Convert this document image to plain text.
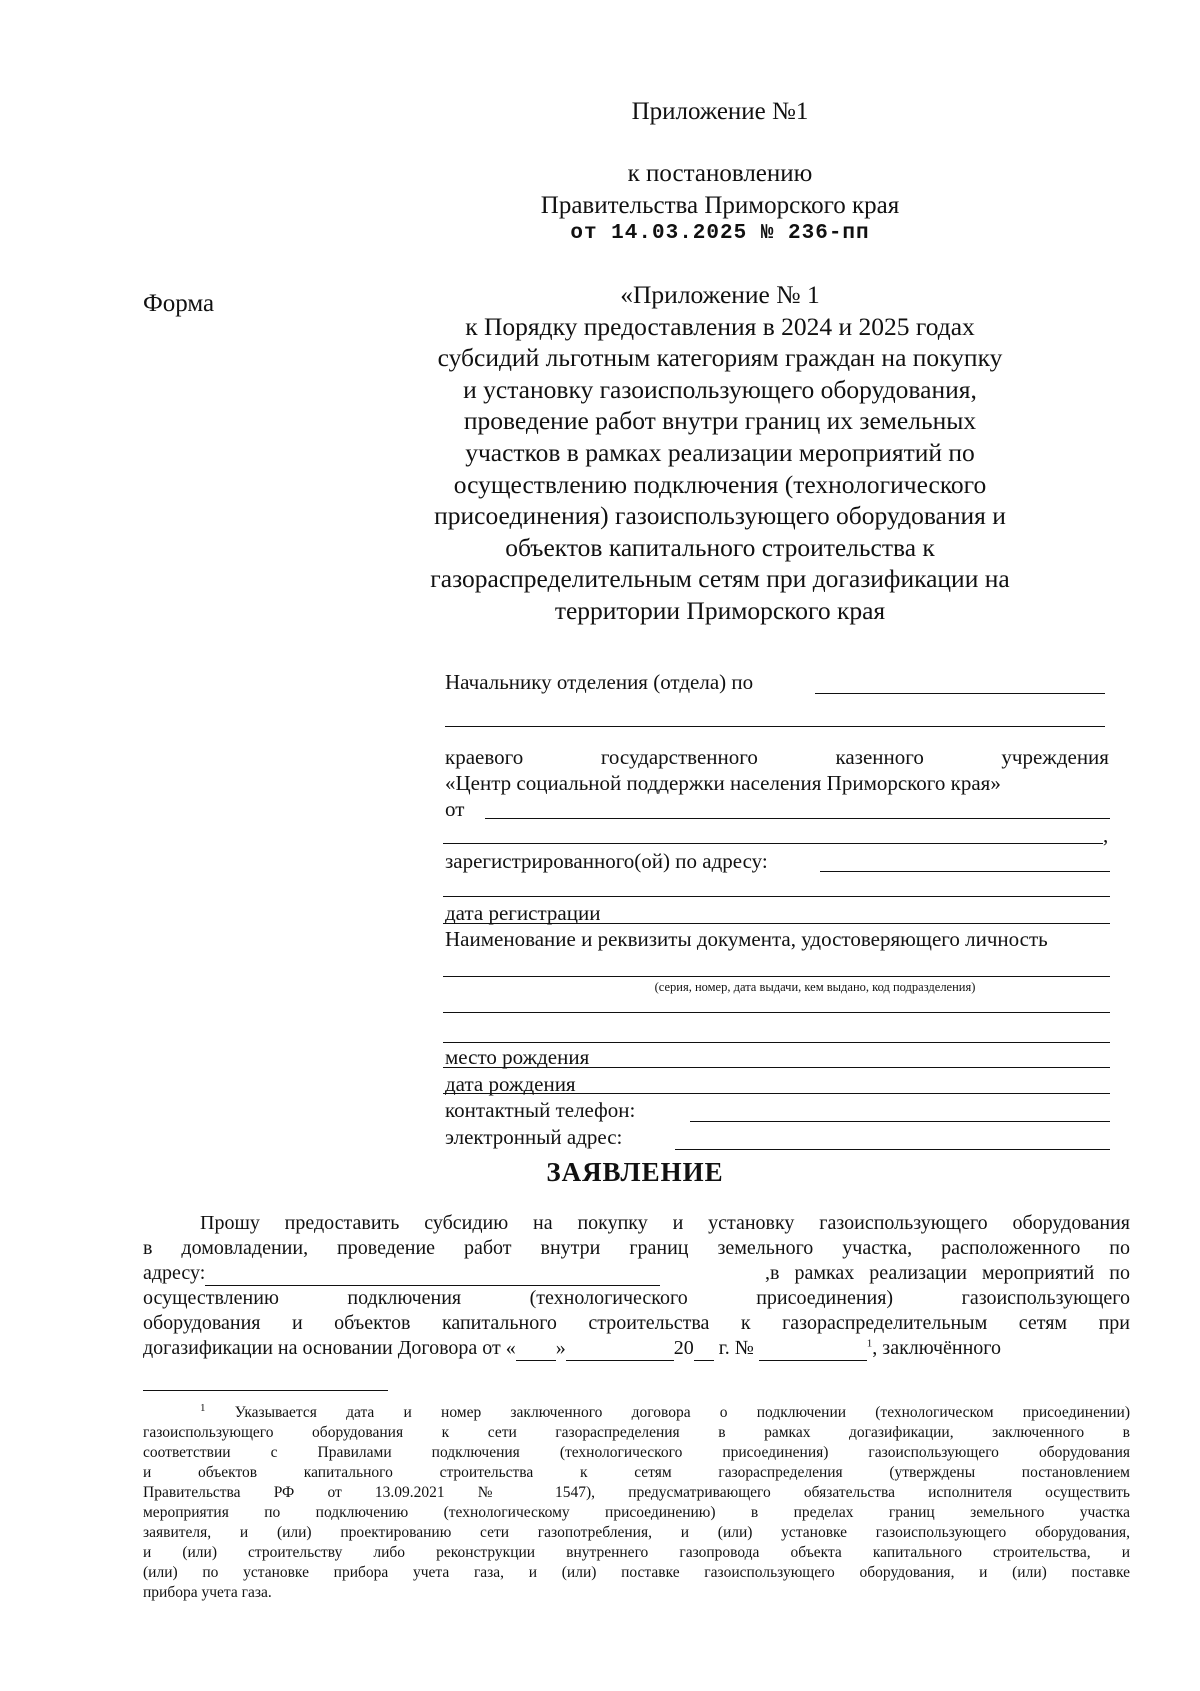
Приложение №1
к постановлению
Правительства Приморского края
от 14.03.2025 № 236-пп
Форма	«Приложение № 1
к Порядку предоставления в 2024 и 2025 годах
субсидий льготным категориям граждан на покупку
и установку газоиспользующего оборудования,
проведение работ внутри границ их земельных
участков в рамках реализации мероприятий по
осуществлению подключения (технологического
присоединения) газоиспользующего оборудования и
объектов капитального строительства к
газораспределительным сетям при догазификации на
территории Приморского края
Начальнику отделения (отдела) по
краевого	государственного	казенного	учреждения
«Центр социальной поддержки населения Приморского края»
от
,
зарегистрированного(ой) по адресу:
дата регистрации
Наименование и реквизиты документа, удостоверяющего личность
(серия, номер, дата выдачи, кем выдано, код подразделения)
место рождения
дата рождения
контактный телефон:
электронный адрес:
ЗАЯВЛЕНИЕ
Прошу предоставить субсидию на покупку и установку газоиспользующего оборудования
в домовладении, проведение работ внутри границ земельного участка, расположенного по
адресу:	,в рамках реализации мероприятий по
осуществлению подключения (технологического присоединения) газоиспользующего
оборудования и объектов капитального строительства к газораспределительным сетям при
догазификации на основании Договора от « »	20 г. №	$^1$, заключённого
$^1$ Указывается дата и номер заключенного договора о подключении (технологическом присоединении)
газоиспользующего оборудования к сети газораспределения в рамках догазификации, заключенного в
соответствии с Правилами подключения (технологического присоединения) газоиспользующего оборудования
и объектов капитального строительства к сетям газораспределения (утверждены постановлением
Правительства РФ от 13.09.2021 № 1547), предусматривающего обязательства исполнителя осуществить
мероприятия по подключению (технологическому присоединению) в пределах границ земельного участка
заявителя, и (или) проектированию сети газопотребления, и (или) установке газоиспользующего оборудования,
и (или) строительству либо реконструкции внутреннего газопровода объекта капитального строительства, и
(или) по установке прибора учета газа, и (или) поставке газоиспользующего оборудования, и (или) поставке
прибора учета газа.
